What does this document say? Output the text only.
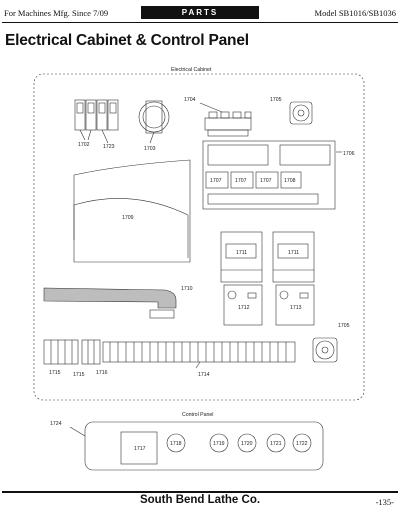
For Machines Mfg. Since 7/09	PARTS	Model SB1016/SB1036
Electrical Cabinet & Control Panel
Electrical Cabinet
1702	1723	1703
1704	1705
1706
1707	1707	1707 1708
1709
1710
1711	1711
1712	1713
1705
1714
1715 1715 1716
Control Panel
1724
1717
1718	1719	1720	1721	1722
South Bend Lathe Co.	-135-
